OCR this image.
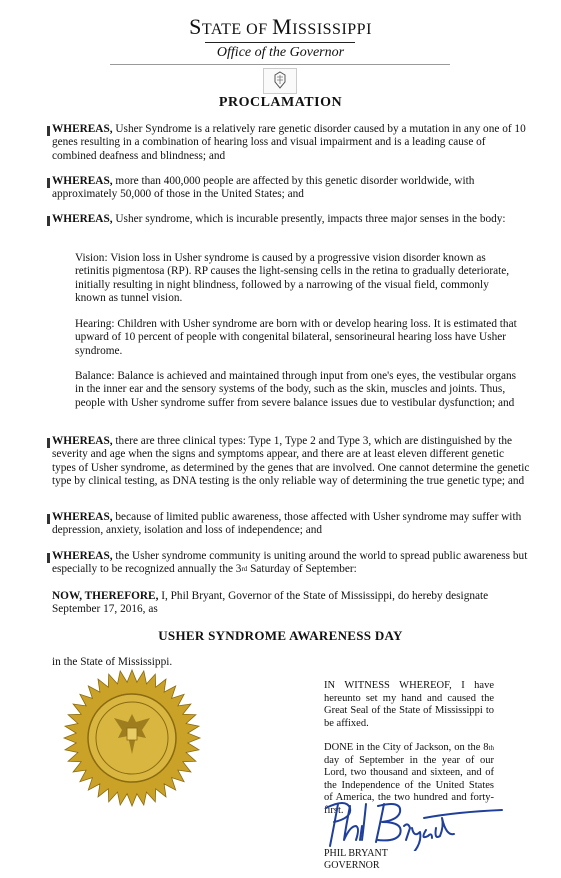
STATE OF MISSISSIPPI
Office of the Governor
PROCLAMATION
WHEREAS, Usher Syndrome is a relatively rare genetic disorder caused by a mutation in any one of 10 genes resulting in a combination of hearing loss and visual impairment and is a leading cause of combined deafness and blindness; and
WHEREAS, more than 400,000 people are affected by this genetic disorder worldwide, with approximately 50,000 of those in the United States; and
WHEREAS, Usher syndrome, which is incurable presently, impacts three major senses in the body:
Vision: Vision loss in Usher syndrome is caused by a progressive vision disorder known as retinitis pigmentosa (RP). RP causes the light-sensing cells in the retina to gradually deteriorate, initially resulting in night blindness, followed by a narrowing of the visual field, commonly known as tunnel vision.
Hearing: Children with Usher syndrome are born with or develop hearing loss. It is estimated that upward of 10 percent of people with congenital bilateral, sensorineural hearing loss have Usher syndrome.
Balance: Balance is achieved and maintained through input from one's eyes, the vestibular organs in the inner ear and the sensory systems of the body, such as the skin, muscles and joints. Thus, people with Usher syndrome suffer from severe balance issues due to vestibular dysfunction; and
WHEREAS, there are three clinical types: Type 1, Type 2 and Type 3, which are distinguished by the severity and age when the signs and symptoms appear, and there are at least eleven different genetic types of Usher syndrome, as determined by the genes that are involved. One cannot determine the genetic type by clinical testing, as DNA testing is the only reliable way of determining the true genetic type; and
WHEREAS, because of limited public awareness, those affected with Usher syndrome may suffer with depression, anxiety, isolation and loss of independence; and
WHEREAS, the Usher syndrome community is uniting around the world to spread public awareness but especially to be recognized annually the 3rd Saturday of September:
NOW, THEREFORE, I, Phil Bryant, Governor of the State of Mississippi, do hereby designate September 17, 2016, as
USHER SYNDROME AWARENESS DAY
in the State of Mississippi.
IN WITNESS WHEREOF, I have hereunto set my hand and caused the Great Seal of the State of Mississippi to be affixed.
DONE in the City of Jackson, on the 8th day of September in the year of our Lord, two thousand and sixteen, and of the Independence of the United States of America, the two hundred and forty-first.
PHIL BRYANT
GOVERNOR
